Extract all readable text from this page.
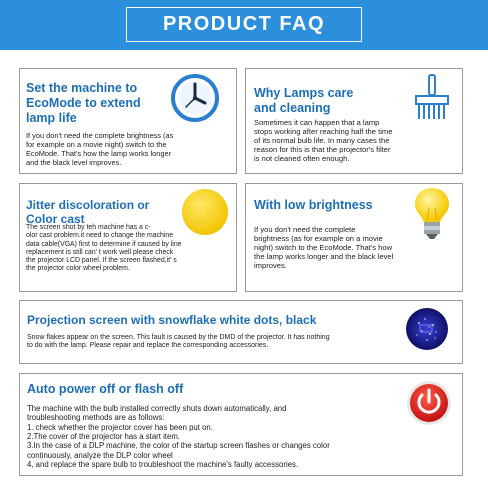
PRODUCT FAQ
Set the machine to
EcoMode to extend
lamp life
If you don't need the complete brightness (as
for example on a movie night) switch to the
EcoMode. That's how the lamp works longer
and the black level improves.
Why Lamps care
and cleaning
Sometimes it can happen that a lamp
stops working after reaching half the time
of its normal bulb life. In many cases the
reason for this is that the projector's filter
is not cleaned often enough.
Jitter discoloration or
Color cast
The screen shot by teh machine has a c-
olor cast problem.it need to change the machine
data cable(VGA) first to determine if caused by line
replacement is still can' t work well please check
the projector LCD panel. If the screen flashed,it' s
the projector color wheel problem.
With low brightness
If you don't need the complete
brightness (as for example on a movie
night) switch to the EcoMode. That's how
the lamp works longer and the black level
improves.
Projection screen with snowflake white dots, black
Snow flakes appear on the screen. This fault is caused by the DMD of the projector. It has nothing
to do with the lamp. Please repair and replace the corresponding accessories.
Auto power off or flash off
The machine with the bulb installed correctly shuts down automatically, and
troubleshooting methods are as follows:
1. check whether the projector cover has been put on.
2.The cover of the projector has a start item.
3.In the case of a DLP machine, the color of the startup screen flashes or changes color
continuously, analyze the DLP color wheel
4, and replace the spare bulb to troubleshoot the machine's faulty accessories.
